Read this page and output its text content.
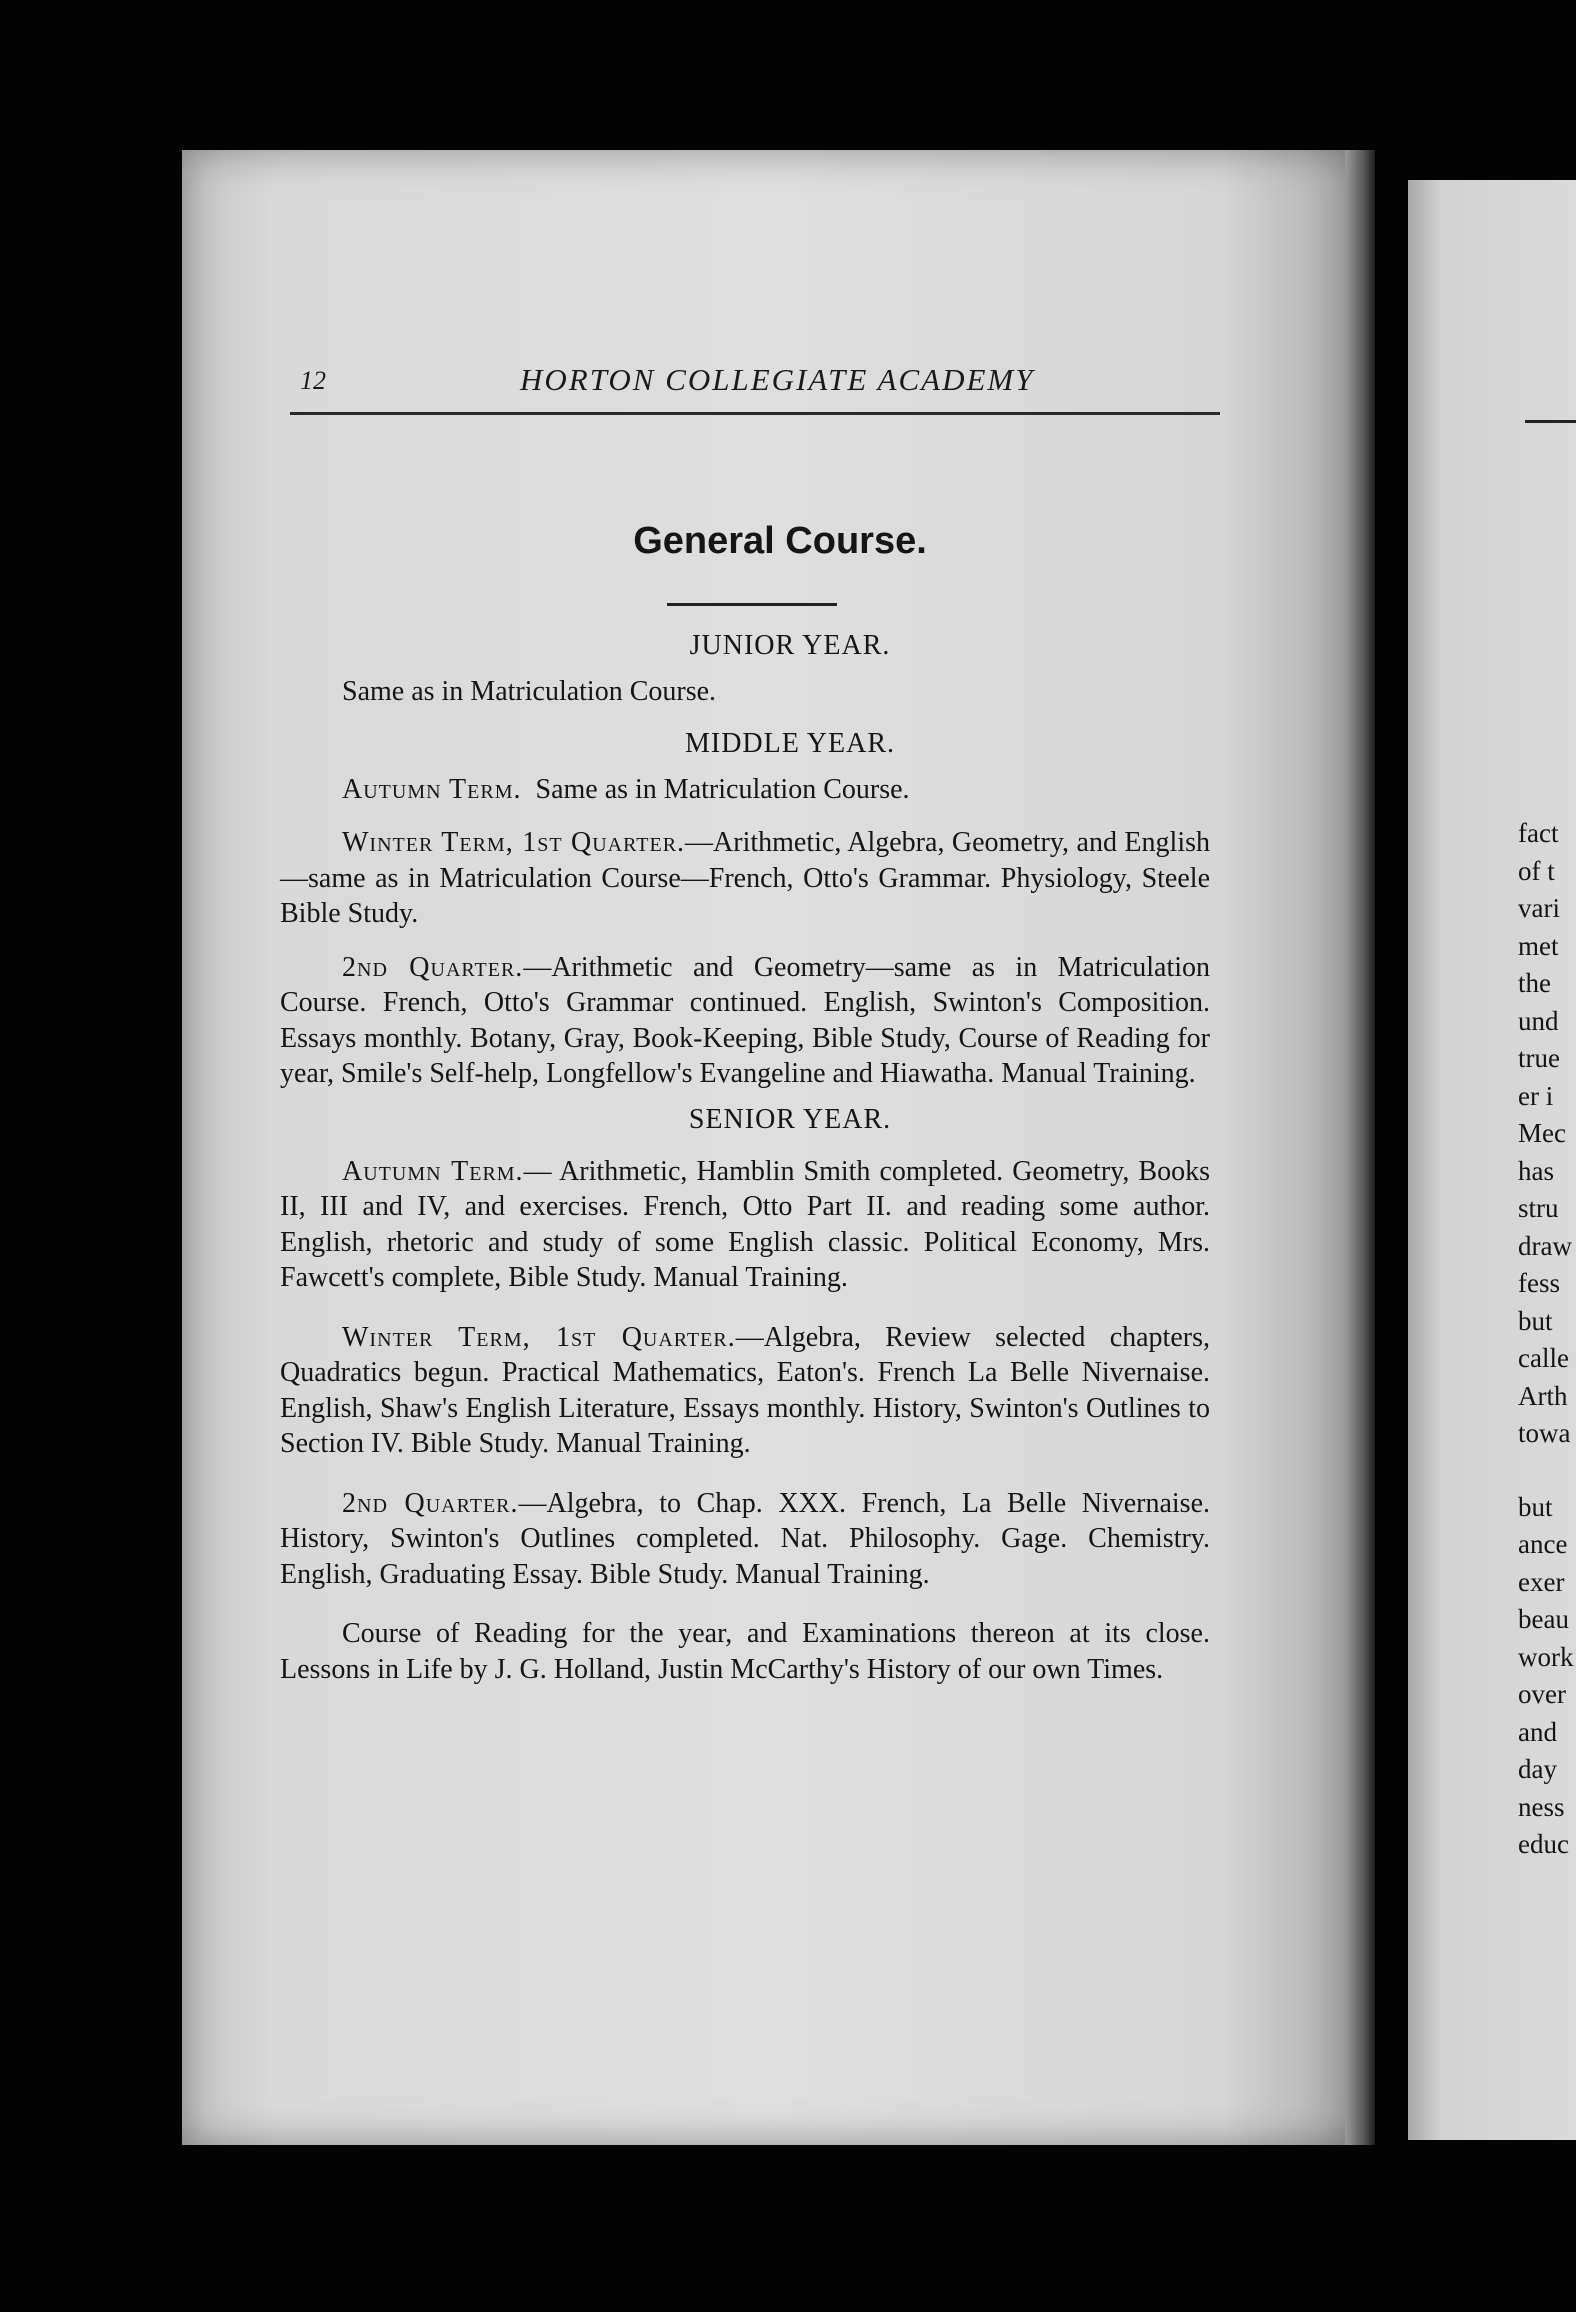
fact
of t
vari
met
the
und
true
er i
Mec
has
stru
draw
fess
but
calle
Arth
towa
but
ance
exer
beau
work
over
and
day
ness
educ
12	HORTON COLLEGIATE ACADEMY
General Course.
JUNIOR YEAR.

Same as in Matriculation Course.

MIDDLE YEAR.

Autumn Term. Same as in Matriculation Course.

Winter Term, 1st Quarter.—Arithmetic, Algebra, Geometry, and English—same as in Matriculation Course—French, Otto's Grammar. Physiology, Steele Bible Study.

2nd Quarter.—Arithmetic and Geometry—same as in Matriculation Course. French, Otto's Grammar continued. English, Swinton's Composition. Essays monthly. Botany, Gray, Book-Keeping, Bible Study, Course of Reading for year, Smile's Self-help, Longfellow's Evangeline and Hiawatha. Manual Training.

SENIOR YEAR.

Autumn Term.— Arithmetic, Hamblin Smith completed. Geometry, Books II, III and IV, and exercises. French, Otto Part II. and reading some author. English, rhetoric and study of some English classic. Political Economy, Mrs. Fawcett's complete, Bible Study. Manual Training.

Winter Term, 1st Quarter.—Algebra, Review selected chapters, Quadratics begun. Practical Mathematics, Eaton's. French La Belle Nivernaise. English, Shaw's English Literature, Essays monthly. History, Swinton's Outlines to Section IV. Bible Study. Manual Training.

2nd Quarter.—Algebra, to Chap. XXX. French, La Belle Nivernaise. History, Swinton's Outlines completed. Nat. Philosophy. Gage. Chemistry. English, Graduating Essay. Bible Study. Manual Training.

Course of Reading for the year, and Examinations thereon at its close. Lessons in Life by J. G. Holland, Justin McCarthy's History of our own Times.
